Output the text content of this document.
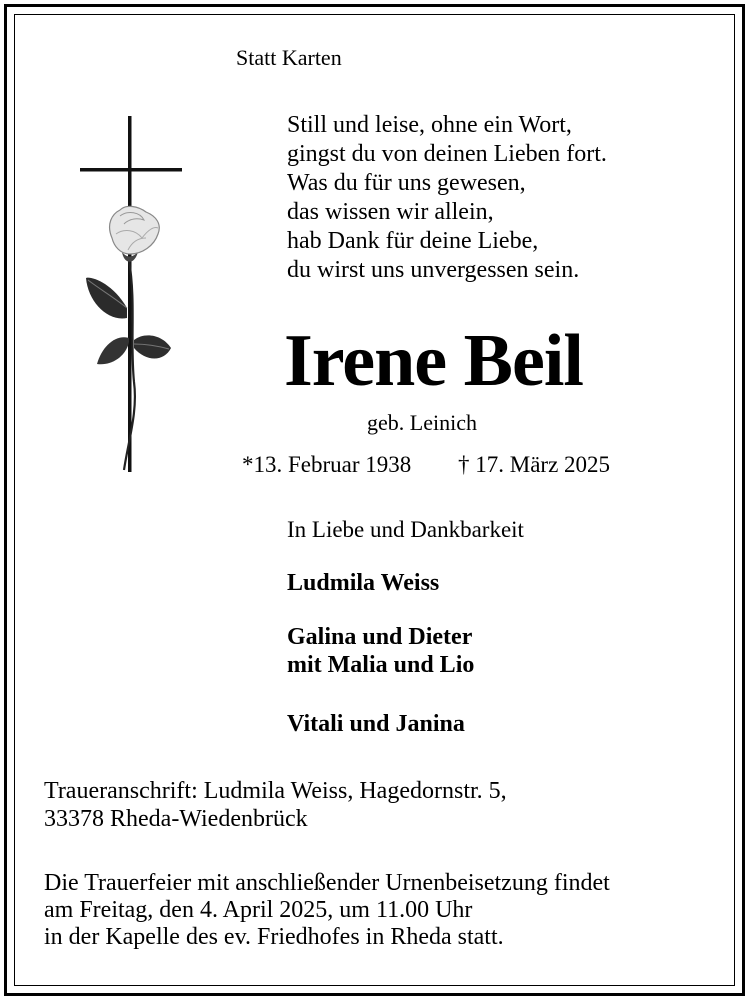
Statt Karten

Still und leise, ohne ein Wort,
gingst du von deinen Lieben fort.
Was du für uns gewesen,
das wissen wir allein,
hab Dank für deine Liebe,
du wirst uns unvergessen sein.
Irene Beil

geb. Leinich

*13. Februar 1938 † 17. März 2025

In Liebe und Dankbarkeit

Ludmila Weiss

Galina und Dieter

mit Malia und Lio

Vitali und Janina

Traueranschrift: Ludmila Weiss, Hagedornstr. 5,
33378 Rheda-Wiedenbrück
Die Trauerfeier mit anschließender Urnenbeisetzung findet
am Freitag, den 4. April 2025, um 11.00 Uhr
in der Kapelle des ev. Friedhofes in Rheda statt.
